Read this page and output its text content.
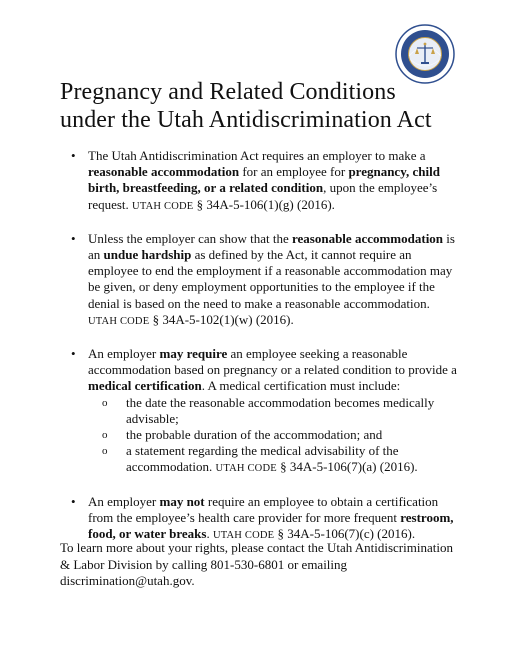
Pregnancy and Related Conditions
under the Utah Antidiscrimination Act
• The Utah Antidiscrimination Act requires an employer to make a reasonable accommodation for an employee for pregnancy, child birth, breastfeeding, or a related condition, upon the employee’s request. UTAH CODE § 34A-5-106(1)(g) (2016).
• Unless the employer can show that the reasonable accommodation is an undue hardship as defined by the Act, it cannot require an employee to end the employment if a reasonable accommodation may be given, or deny employment opportunities to the employee if the denial is based on the need to make a reasonable accommodation. UTAH CODE § 34A-5-102(1)(w) (2016).
• An employer may require an employee seeking a reasonable accommodation based on pregnancy or a related condition to provide a medical certification. A medical certification must include:
o the date the reasonable accommodation becomes medically advisable;
o the probable duration of the accommodation; and
o a statement regarding the medical advisability of the accommodation. UTAH CODE § 34A-5-106(7)(a) (2016).
• An employer may not require an employee to obtain a certification from the employee’s health care provider for more frequent restroom, food, or water breaks. UTAH CODE § 34A-5-106(7)(c) (2016).

To learn more about your rights, please contact the Utah Antidiscrimination & Labor Division by calling 801-530-6801 or emailing discrimination@utah.gov.
